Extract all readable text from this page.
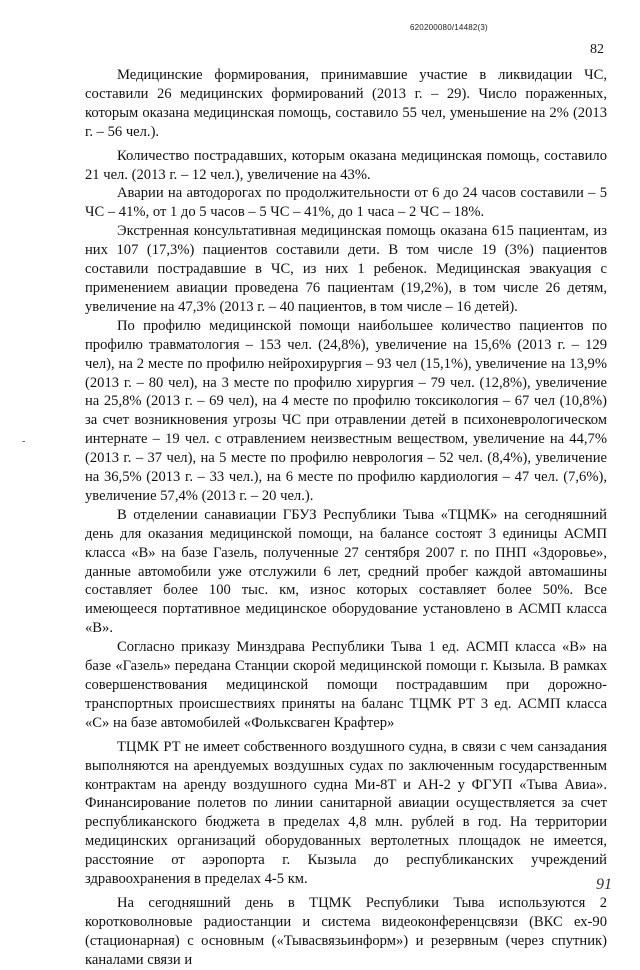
620200080/14482(3)
82

Медицинские формирования, принимавшие участие в ликвидации ЧС, составили 26 медицинских формирований (2013 г. – 29). Число пораженных, которым оказана медицинская помощь, составило 55 чел, уменьшение на 2% (2013 г. – 56 чел.).

Количество пострадавших, которым оказана медицинская помощь, составило 21 чел. (2013 г. – 12 чел.), увеличение на 43%.

Аварии на автодорогах по продолжительности от 6 до 24 часов составили – 5 ЧС – 41%, от 1 до 5 часов – 5 ЧС – 41%, до 1 часа – 2 ЧС – 18%.

Экстренная консультативная медицинская помощь оказана 615 пациентам, из них 107 (17,3%) пациентов составили дети. В том числе 19 (3%) пациентов составили пострадавшие в ЧС, из них 1 ребенок. Медицинская эвакуация с применением авиации проведена 76 пациентам (19,2%), в том числе 26 детям, увеличение на 47,3% (2013 г. – 40 пациентов, в том числе – 16 детей).

По профилю медицинской помощи наибольшее количество пациентов по профилю травматология – 153 чел. (24,8%), увеличение на 15,6% (2013 г. – 129 чел), на 2 месте по профилю нейрохирургия – 93 чел (15,1%), увеличение на 13,9% (2013 г. – 80 чел), на 3 месте по профилю хирургия – 79 чел. (12,8%), увеличение на 25,8% (2013 г. – 69 чел), на 4 месте по профилю токсикология – 67 чел (10,8%) за счет возникновения угрозы ЧС при отравлении детей в психоневрологическом интернате – 19 чел. с отравлением неизвестным веществом, увеличение на 44,7% (2013 г. – 37 чел), на 5 месте по профилю неврология – 52 чел. (8,4%), увеличение на 36,5% (2013 г. – 33 чел.), на 6 месте по профилю кардиология – 47 чел. (7,6%), увеличение 57,4% (2013 г. – 20 чел.).

В отделении санавиации ГБУЗ Республики Тыва «ТЦМК» на сегодняшний день для оказания медицинской помощи, на балансе состоят 3 единицы АСМП класса «В» на базе Газель, полученные 27 сентября 2007 г. по ПНП «Здоровье», данные автомобили уже отслужили 6 лет, средний пробег каждой автомашины составляет более 100 тыс. км, износ которых составляет более 50%. Все имеющееся портативное медицинское оборудование установлено в АСМП класса «В».

Согласно приказу Минздрава Республики Тыва 1 ед. АСМП класса «В» на базе «Газель» передана Станции скорой медицинской помощи г. Кызыла. В рамках совершенствования медицинской помощи пострадавшим при дорожно-транспортных происшествиях приняты на баланс ТЦМК РТ 3 ед. АСМП класса «С» на базе автомобилей «Фольксваген Крафтер»

ТЦМК РТ не имеет собственного воздушного судна, в связи с чем санзадания выполняются на арендуемых воздушных судах по заключенным государственным контрактам на аренду воздушного судна Ми-8Т и АН-2 у ФГУП «Тыва Авиа». Финансирование полетов по линии санитарной авиации осуществляется за счет республиканского бюджета в пределах 4,8 млн. рублей в год. На территории медицинских организаций оборудованных вертолетных площадок не имеется, расстояние от аэропорта г. Кызыла до республиканских учреждений здравоохранения в пределах 4-5 км.

На сегодняшний день в ТЦМК Республики Тыва используются 2 коротковолновые радиостанции и система видеоконференцсвязи (ВКС ех-90 (стационарная) с основным («Тывасвязьинформ») и резервным (через спутник) каналами связи и

-
91
